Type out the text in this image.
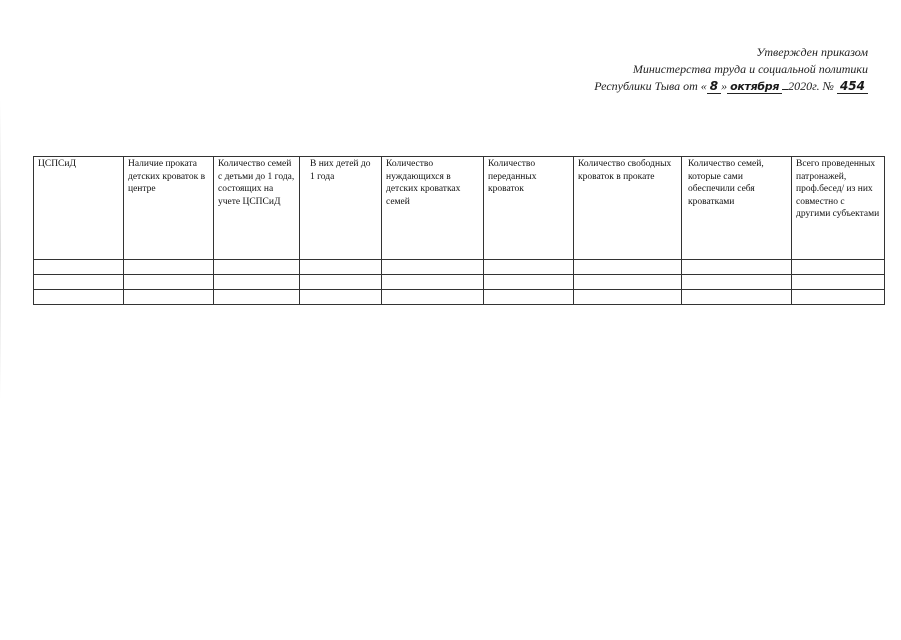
Утвержден приказом
Министерства труда и социальной политики
Республики Тыва от « 8 » октября 2020г. № 454
ЦСПСиД	Наличие проката детских кроваток в центре	Количество семей с детьми до 1 года, состоящих на учете ЦСПСиД	В них детей до 1 года	Количество нуждающихся в детских кроватках семей	Количество переданных кроваток	Количество свободных кроваток в прокате	Количество семей, которые сами обеспечили себя кроватками	Всего проведенных патронажей, проф.бесед/ из них совместно с другими субъектами
